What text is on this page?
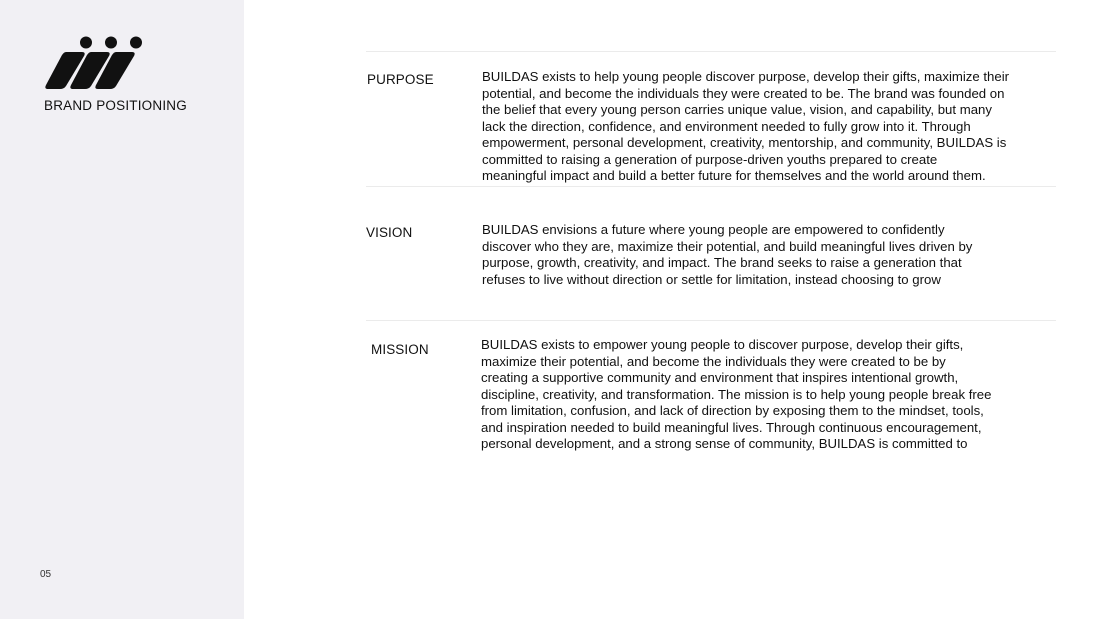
BRAND POSITIONING
05
PURPOSE	BUILDAS exists to help young people discover purpose, develop their gifts, maximize their
potential, and become the individuals they were created to be. The brand was founded on
the belief that every young person carries unique value, vision, and capability, but many
lack the direction, confidence, and environment needed to fully grow into it. Through
empowerment, personal development, creativity, mentorship, and community, BUILDAS is
committed to raising a generation of purpose-driven youths prepared to create
meaningful impact and build a better future for themselves and the world around them.
VISION	BUILDAS envisions a future where young people are empowered to confidently
discover who they are, maximize their potential, and build meaningful lives driven by
purpose, growth, creativity, and impact. The brand seeks to raise a generation that
refuses to live without direction or settle for limitation, instead choosing to grow
MISSION	BUILDAS exists to empower young people to discover purpose, develop their gifts,
maximize their potential, and become the individuals they were created to be by
creating a supportive community and environment that inspires intentional growth,
discipline, creativity, and transformation. The mission is to help young people break free
from limitation, confusion, and lack of direction by exposing them to the mindset, tools,
and inspiration needed to build meaningful lives. Through continuous encouragement,
personal development, and a strong sense of community, BUILDAS is committed to
